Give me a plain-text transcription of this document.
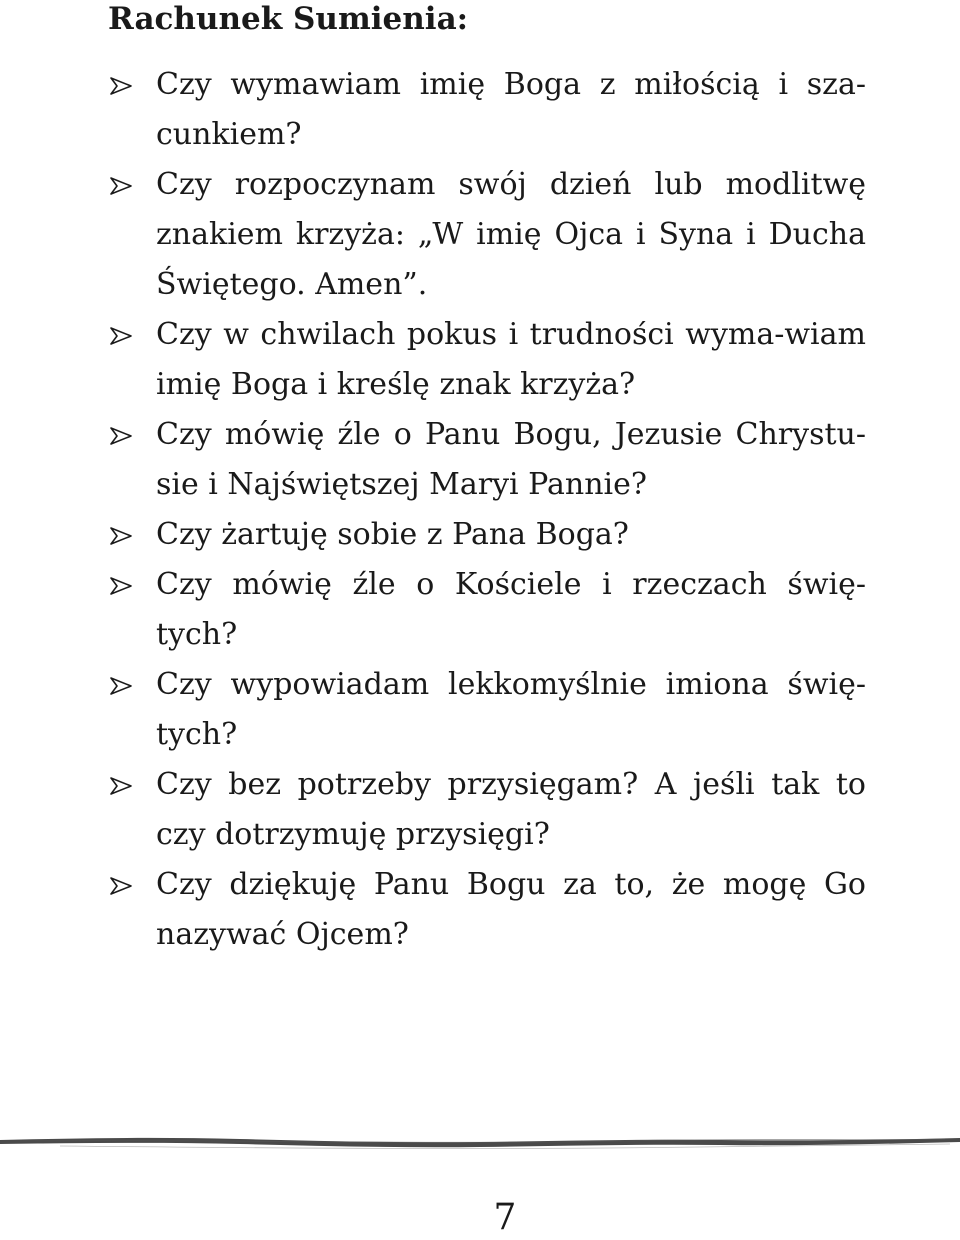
Rachunek Sumienia:
Czy wymawiam imię Boga z miłością i sza-cunkiem?
Czy rozpoczynam swój dzień lub modlitwę znakiem krzyża: „W imię Ojca i Syna i Ducha Świętego. Amen”.
Czy w chwilach pokus i trudności wyma-wiam imię Boga i kreślę znak krzyża?
Czy mówię źle o Panu Bogu, Jezusie Chrystu-sie i Najświętszej Maryi Pannie?
Czy żartuję sobie z Pana Boga?
Czy mówię źle o Kościele i rzeczach świę-tych?
Czy wypowiadam lekkomyślnie imiona świę-tych?
Czy bez potrzeby przysięgam? A jeśli tak to czy dotrzymuję przysięgi?
Czy dziękuję Panu Bogu za to, że mogę Go nazywać Ojcem?
7
